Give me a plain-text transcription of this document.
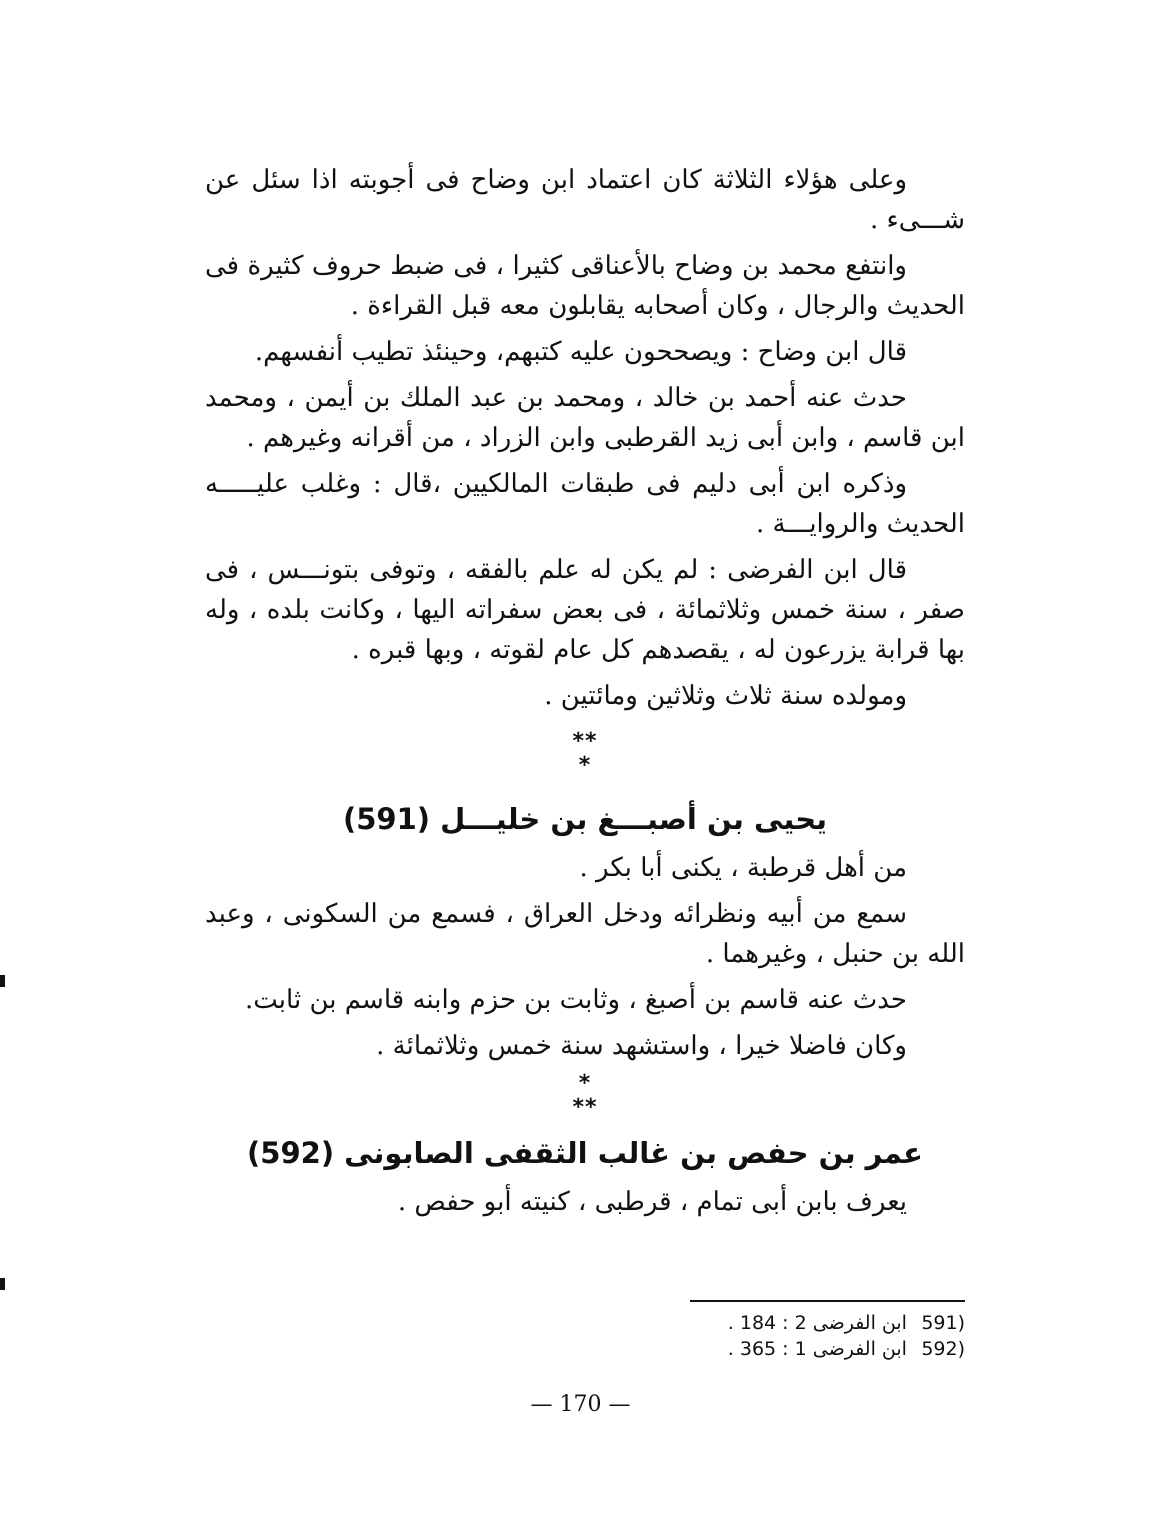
وعلى هؤلاء الثلاثة كان اعتماد ابن وضاح فى أجوبته اذا سئل عن شـــىء .

وانتفع محمد بن وضاح بالأعناقى كثيرا ، فى ضبط حروف كثيرة فى الحديث والرجال ، وكان أصحابه يقابلون معه قبل القراءة .

قال ابن وضاح : ويصححون عليه كتبهم، وحينئذ تطيب أنفسهم.

حدث عنه أحمد بن خالد ، ومحمد بن عبد الملك بن أيمن ، ومحمد ابن قاسم ، وابن أبى زيد القرطبى وابن الزراد ، من أقرانه وغيرهم .

وذكره ابن أبى دليم فى طبقات المالكيين ،قال : وغلب عليـــــه الحديث والروايـــة .

قال ابن الفرضى : لم يكن له علم بالفقه ، وتوفى بتونـــس ، فى صفر ، سنة خمس وثلاثمائة ، فى بعض سفراته اليها ، وكانت بلده ، وله بها قرابة يزرعون له ، يقصدهم كل عام لقوته ، وبها قبره .

ومولده سنة ثلاث وثلاثين ومائتين .

**
*
يحيى بن أصبـــغ بن خليـــل (591)

من أهل قرطبة ، يكنى أبا بكر .

سمع من أبيه ونظرائه ودخل العراق ، فسمع من السكونى ، وعبد الله بن حنبل ، وغيرهما .

حدث عنه قاسم بن أصبغ ، وثابت بن حزم وابنه قاسم بن ثابت.

وكان فاضلا خيرا ، واستشهد سنة خمس وثلاثمائة .

*
**
عمر بن حفص بن غالب الثقفى الصابونى (592)

يعرف بابن أبى تمام ، قرطبى ، كنيته أبو حفص .

(591 ابن الفرضى 2 : 184 .
(592 ابن الفرضى 1 : 365 .
— 170 —
